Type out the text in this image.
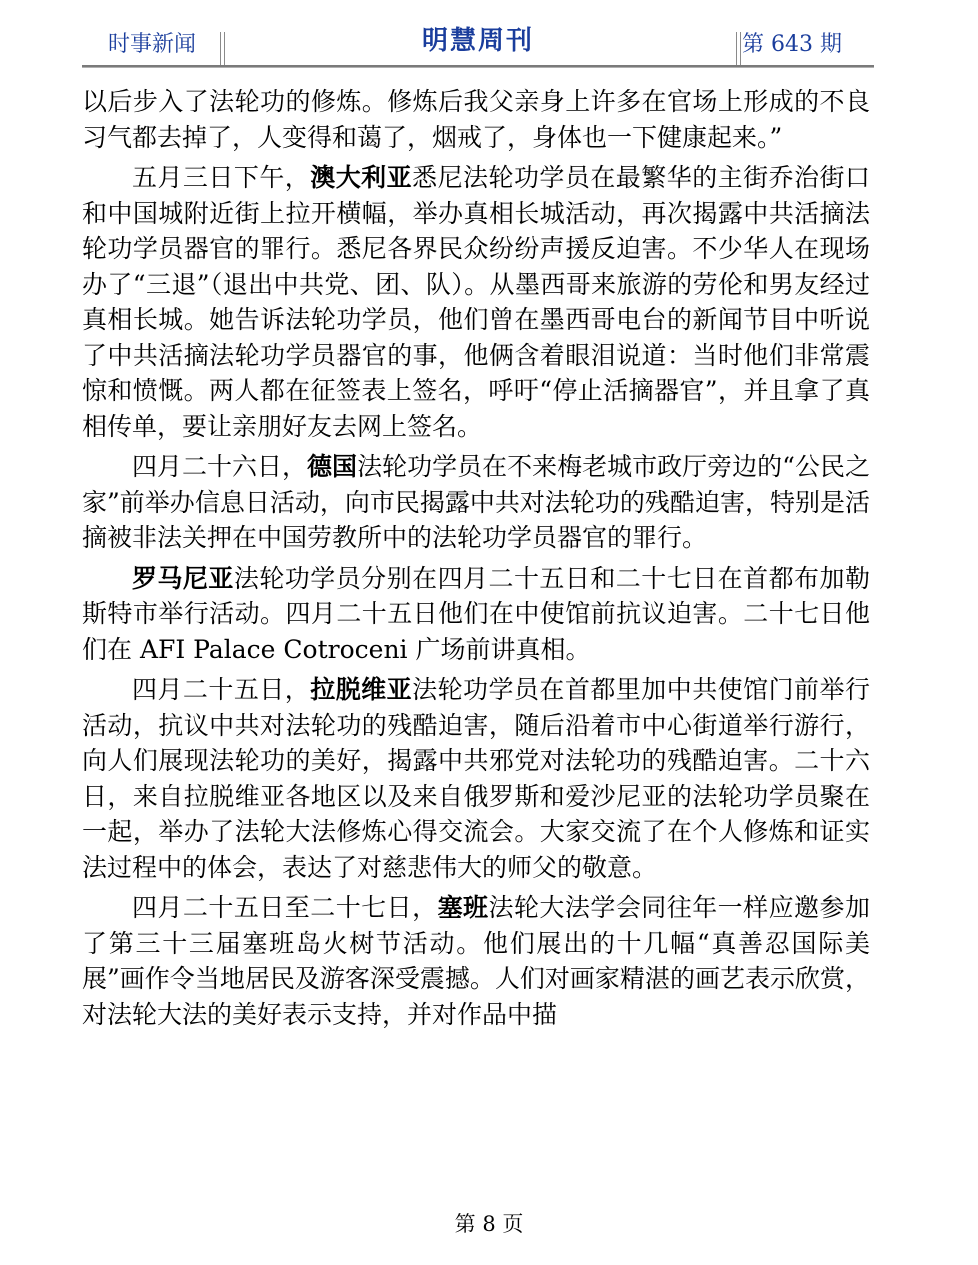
时事新闻	明慧周刊	第 643 期

以后步入了法轮功的修炼。修炼后我父亲身上许多在官场上形成的不良习气都去掉了，人变得和蔼了，烟戒了，身体也一下健康起来。”

五月三日下午，澳大利亚悉尼法轮功学员在最繁华的主街乔治街口和中国城附近街上拉开横幅，举办真相长城活动，再次揭露中共活摘法轮功学员器官的罪行。悉尼各界民众纷纷声援反迫害。不少华人在现场办了“三退”（退出中共党、团、队）。从墨西哥来旅游的劳伦和男友经过真相长城。她告诉法轮功学员，他们曾在墨西哥电台的新闻节目中听说了中共活摘法轮功学员器官的事，他俩含着眼泪说道：当时他们非常震惊和愤慨。两人都在征签表上签名，呼吁“停止活摘器官”，并且拿了真相传单，要让亲朋好友去网上签名。

四月二十六日，德国法轮功学员在不来梅老城市政厅旁边的“公民之家”前举办信息日活动，向市民揭露中共对法轮功的残酷迫害，特别是活摘被非法关押在中国劳教所中的法轮功学员器官的罪行。

罗马尼亚法轮功学员分别在四月二十五日和二十七日在首都布加勒斯特市举行活动。四月二十五日他们在中使馆前抗议迫害。二十七日他们在 AFI Palace Cotroceni 广场前讲真相。

四月二十五日，拉脱维亚法轮功学员在首都里加中共使馆门前举行活动，抗议中共对法轮功的残酷迫害，随后沿着市中心街道举行游行，向人们展现法轮功的美好，揭露中共邪党对法轮功的残酷迫害。二十六日，来自拉脱维亚各地区以及来自俄罗斯和爱沙尼亚的法轮功学员聚在一起，举办了法轮大法修炼心得交流会。大家交流了在个人修炼和证实法过程中的体会，表达了对慈悲伟大的师父的敬意。

四月二十五日至二十七日，塞班法轮大法学会同往年一样应邀参加了第三十三届塞班岛火树节活动。他们展出的十几幅“真善忍国际美展”画作令当地居民及游客深受震撼。人们对画家精湛的画艺表示欣赏，对法轮大法的美好表示支持，并对作品中描

第 8 页
